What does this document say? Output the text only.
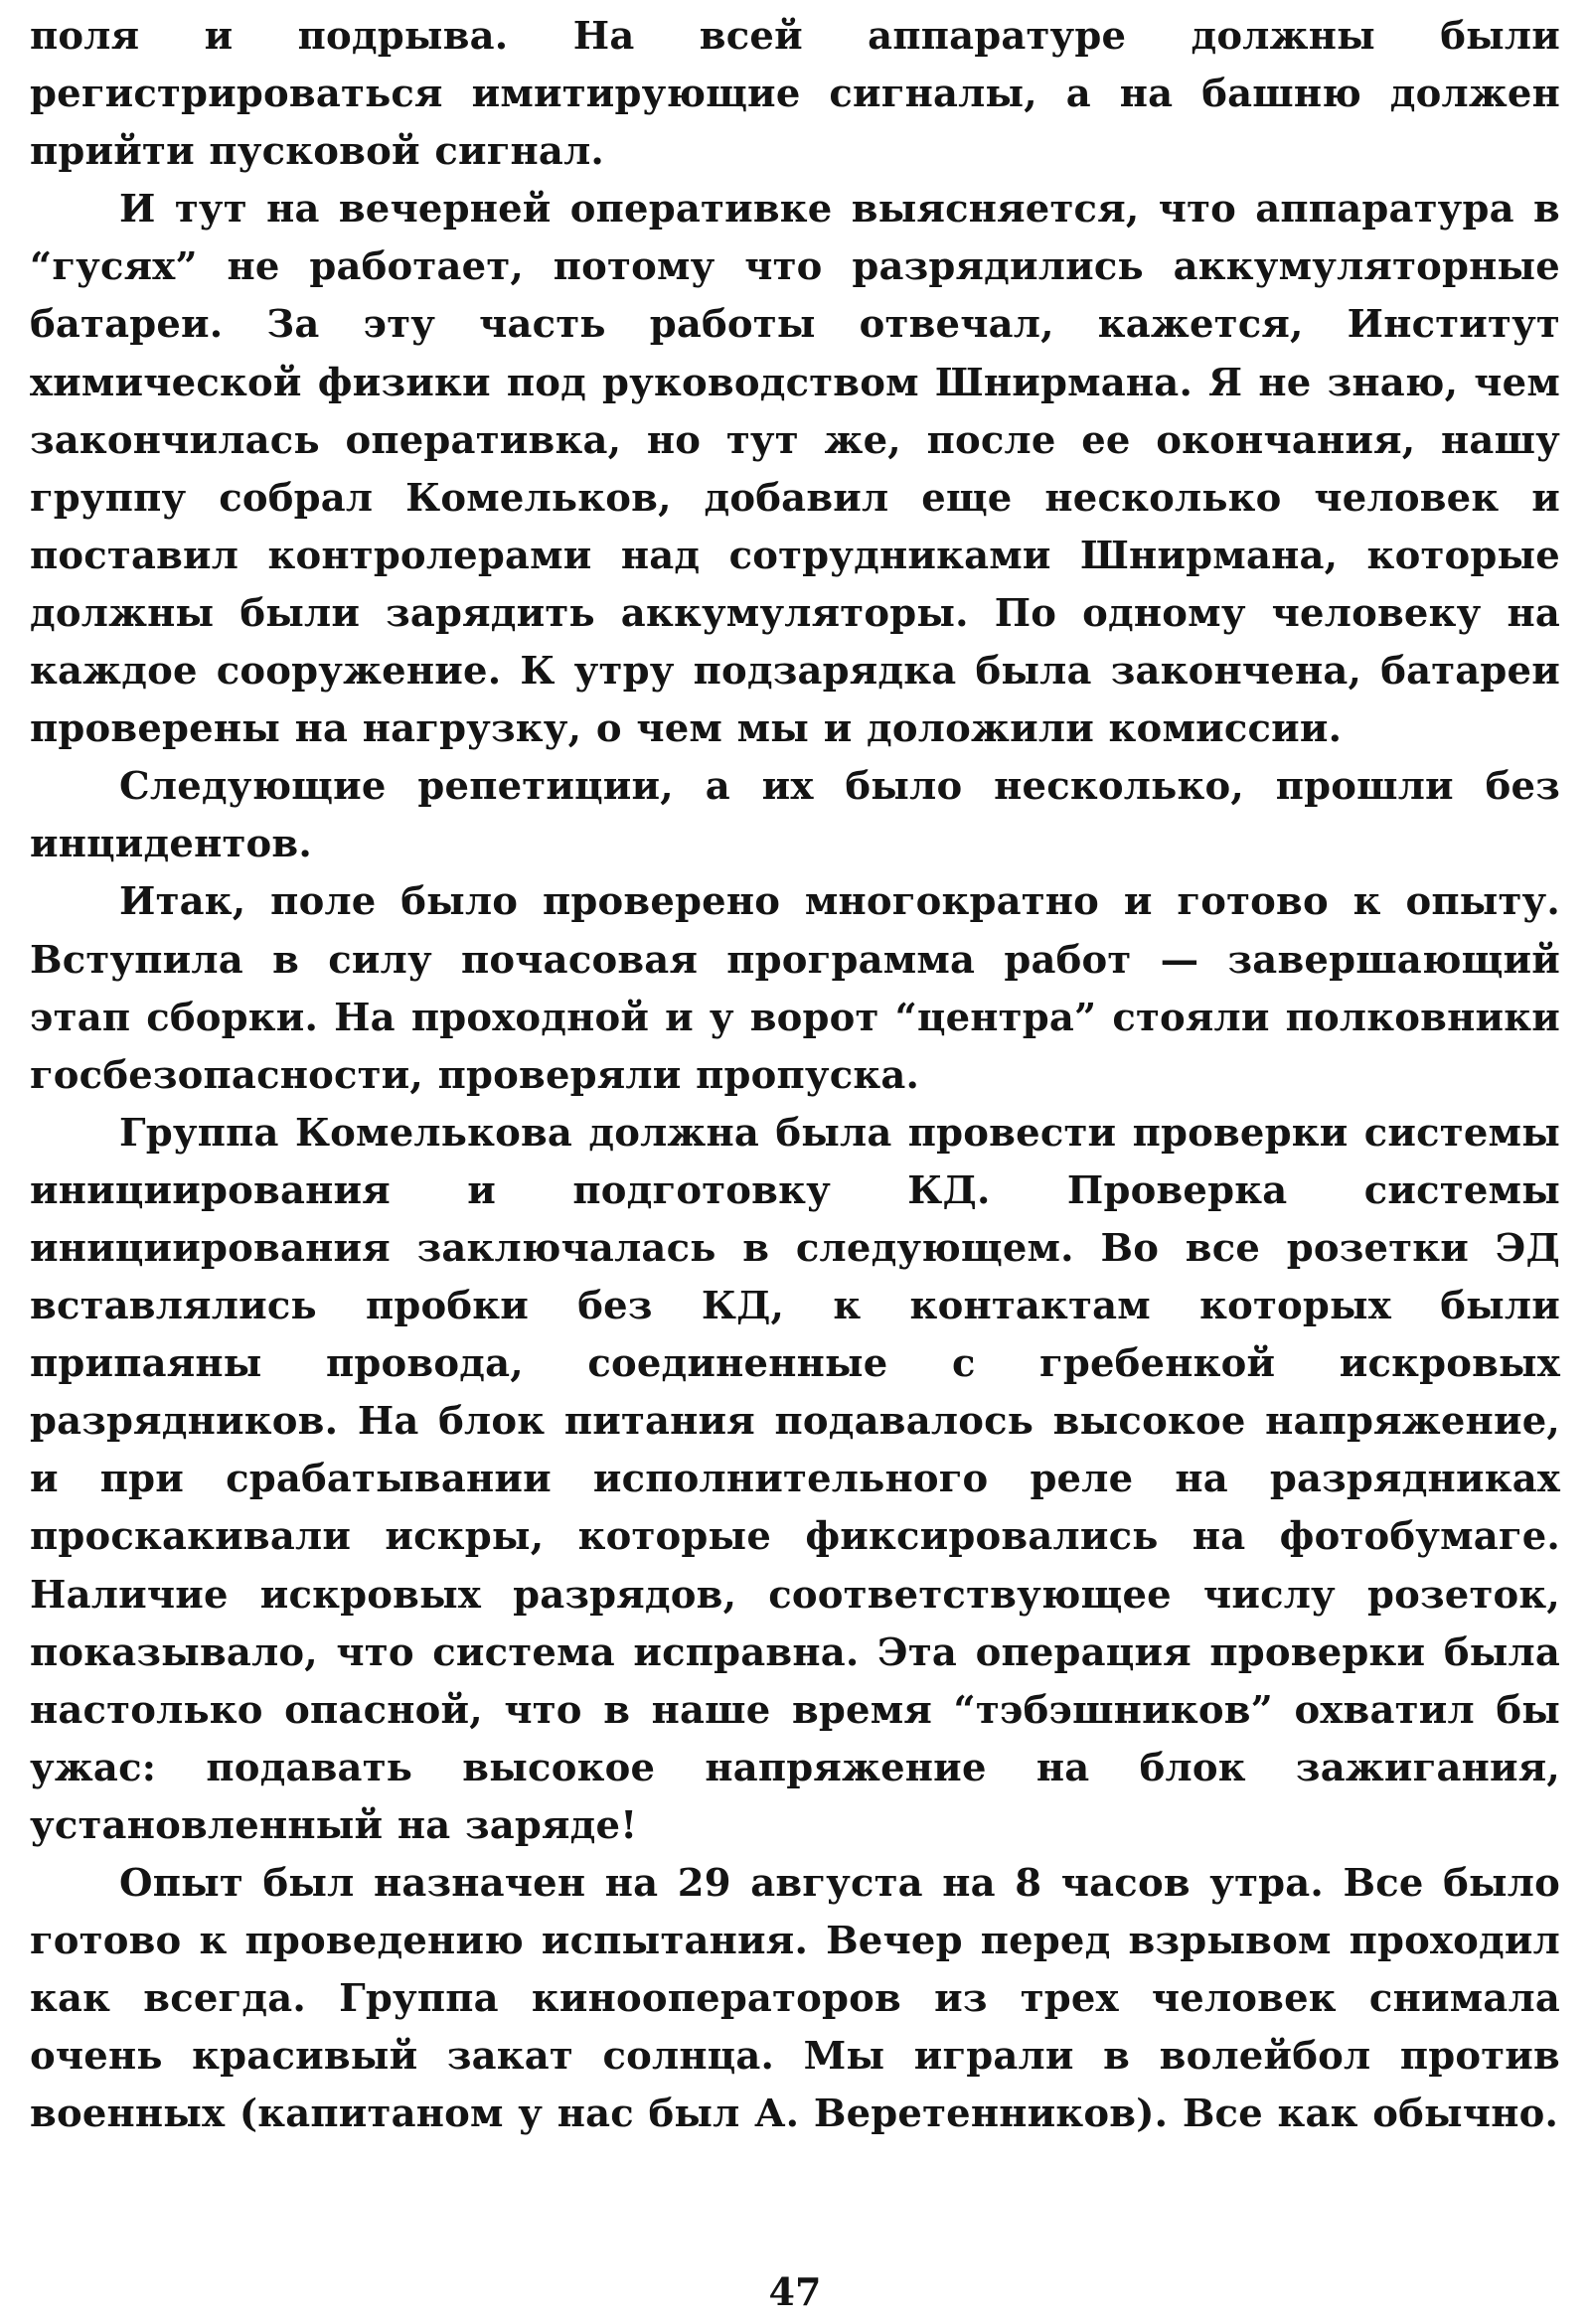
поля и подрыва. На всей аппаратуре должны были регистрироваться имитирующие сигналы, а на башню должен прийти пусковой сигнал.

И тут на вечерней оперативке выясняется, что аппаратура в “гусях” не работает, потому что разрядились аккумуляторные батареи. За эту часть работы отвечал, кажется, Институт химической физики под руководством Шнирмана. Я не знаю, чем закончилась оперативка, но тут же, после ее окончания, нашу группу собрал Комельков, добавил еще несколько человек и поставил контролерами над сотрудниками Шнирмана, которые должны были зарядить аккумуляторы. По одному человеку на каждое сооружение. К утру подзарядка была закончена, батареи проверены на нагрузку, о чем мы и доложили комиссии.

Следующие репетиции, а их было несколько, прошли без инцидентов.

Итак, поле было проверено многократно и готово к опыту. Вступила в силу почасовая программа работ — завершающий этап сборки. На проходной и у ворот “центра” стояли полковники госбезопасности, проверяли пропуска.

Группа Комелькова должна была провести проверки системы инициирования и подготовку КД. Проверка системы инициирования заключалась в следующем. Во все розетки ЭД вставлялись пробки без КД, к контактам которых были припаяны провода, соединенные с гребенкой искровых разрядников. На блок питания подавалось высокое напряжение, и при срабатывании исполнительного реле на разрядниках проскакивали искры, которые фиксировались на фотобумаге. Наличие искровых разрядов, соответствующее числу розеток, показывало, что система исправна. Эта операция проверки была настолько опасной, что в наше время “тэбэшников” охватил бы ужас: подавать высокое напряжение на блок зажигания, установленный на заряде!

Опыт был назначен на 29 августа на 8 часов утра. Все было готово к проведению испытания. Вечер перед взрывом проходил как всегда. Группа кинооператоров из трех человек снимала очень красивый закат солнца. Мы играли в волейбол против военных (капитаном у нас был А. Веретенников). Все как обычно.

47
